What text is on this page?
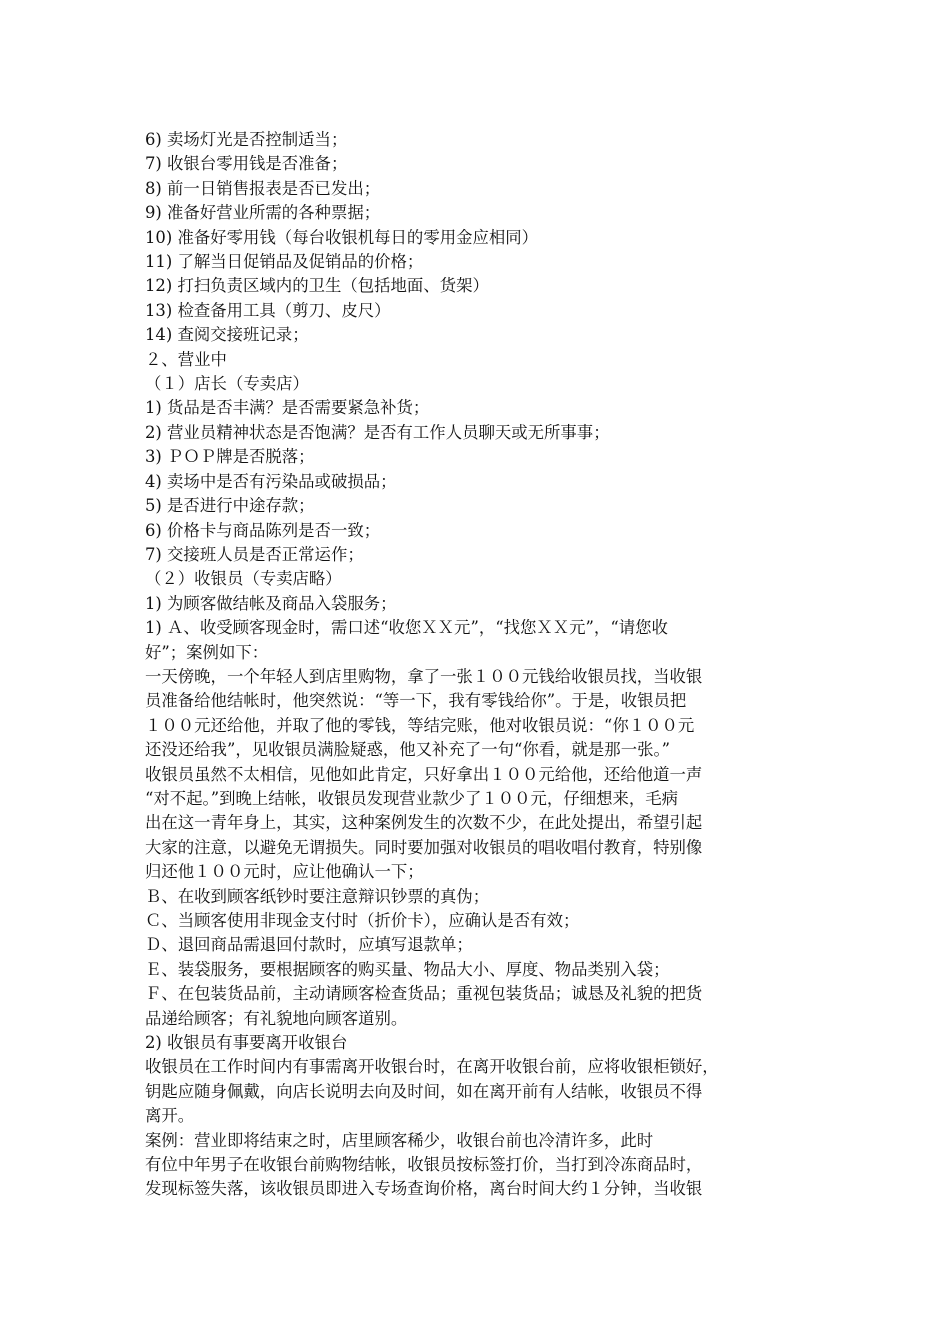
6) 卖场灯光是否控制适当；
7) 收银台零用钱是否准备；
8) 前一日销售报表是否已发出；
9) 准备好营业所需的各种票据；
10) 准备好零用钱（每台收银机每日的零用金应相同）
11) 了解当日促销品及促销品的价格；
12) 打扫负责区域内的卫生（包括地面、货架）
13) 检查备用工具（剪刀、皮尺）
14) 查阅交接班记录；
２、营业中
（１）店长（专卖店）
1) 货品是否丰满？是否需要紧急补货；
2) 营业员精神状态是否饱满？是否有工作人员聊天或无所事事；
3) ＰＯＰ牌是否脱落；
4) 卖场中是否有污染品或破损品；
5) 是否进行中途存款；
6) 价格卡与商品陈列是否一致；
7) 交接班人员是否正常运作；
（２）收银员（专卖店略）
1) 为顾客做结帐及商品入袋服务；
1) Ａ、收受顾客现金时，需口述“收您ＸＸ元”，“找您ＸＸ元”，“请您收
好”；案例如下：
一天傍晚，一个年轻人到店里购物，拿了一张１００元钱给收银员找，当收银
员准备给他结帐时，他突然说：“等一下，我有零钱给你”。于是，收银员把
１００元还给他，并取了他的零钱，等结完账，他对收银员说：“你１００元
还没还给我”，见收银员满脸疑惑，他又补充了一句“你看，就是那一张。”
收银员虽然不太相信，见他如此肯定，只好拿出１００元给他，还给他道一声
“对不起。”到晚上结帐，收银员发现营业款少了１００元，仔细想来，毛病
出在这一青年身上，其实，这种案例发生的次数不少，在此处提出，希望引起
大家的注意，以避免无谓损失。同时要加强对收银员的唱收唱付教育，特别像
归还他１００元时，应让他确认一下；
Ｂ、在收到顾客纸钞时要注意辩识钞票的真伪；
Ｃ、当顾客使用非现金支付时（折价卡），应确认是否有效；
Ｄ、退回商品需退回付款时，应填写退款单；
Ｅ、装袋服务，要根据顾客的购买量、物品大小、厚度、物品类别入袋；
Ｆ、在包装货品前，主动请顾客检查货品；重视包装货品；诚恳及礼貌的把货
品递给顾客；有礼貌地向顾客道别。
2) 收银员有事要离开收银台
收银员在工作时间内有事需离开收银台时，在离开收银台前，应将收银柜锁好，
钥匙应随身佩戴，向店长说明去向及时间，如在离开前有人结帐，收银员不得
离开。
案例：营业即将结束之时，店里顾客稀少，收银台前也冷清许多，此时
有位中年男子在收银台前购物结帐，收银员按标签打价，当打到冷冻商品时，
发现标签失落，该收银员即进入专场查询价格，离台时间大约１分钟，当收银
